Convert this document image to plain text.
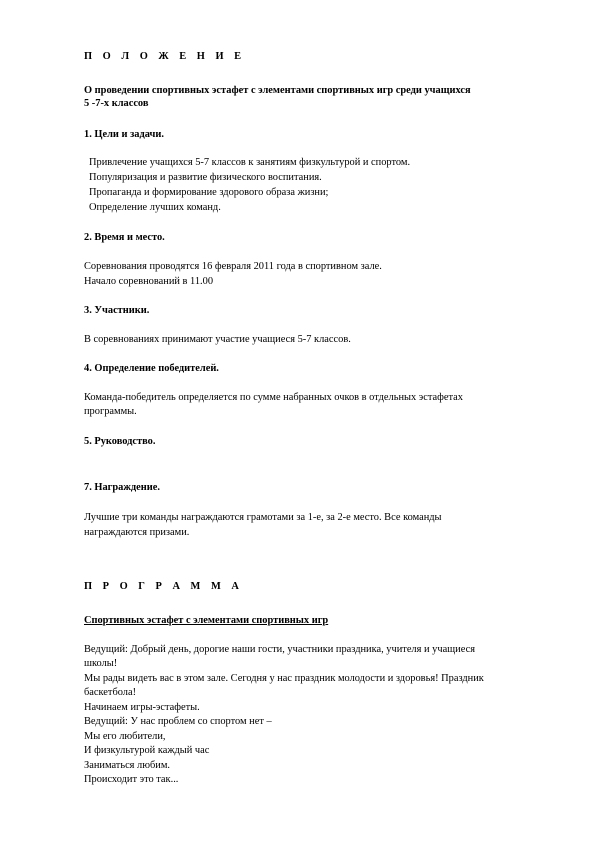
П О Л О Ж Е Н И Е
О проведении спортивных эстафет с элементами спортивных игр среди учащихся
5 -7-х классов
1. Цели и задачи.
Привлечение учащихся 5-7 классов к занятиям физкультурой и спортом.
Популяризация и развитие физического воспитания.
Пропаганда и формирование здорового образа жизни;
Определение лучших команд.
2. Время и место.
Соревнования проводятся 16 февраля 2011 года в спортивном зале.
Начало соревнований в 11.00
3. Участники.
В соревнованиях принимают участие учащиеся 5-7 классов.
4. Определение победителей.
Команда-победитель определяется по сумме набранных очков в отдельных эстафетах
программы.
5. Руководство.
7. Награждение.
Лучшие три команды награждаются грамотами за 1-е, за 2-е место. Все команды
награждаются призами.
П Р О Г Р А М М А
Спортивных эстафет с элементами спортивных игр
Ведущий: Добрый день, дорогие наши гости, участники праздника, учителя и учащиеся
школы!
Мы рады видеть вас в этом зале. Сегодня у нас праздник молодости и здоровья! Праздник
баскетбола!
Начинаем игры-эстафеты.
Ведущий: У нас проблем со спортом нет –
Мы его любители,
И физкультурой каждый час
Заниматься любим.
Происходит это так...
